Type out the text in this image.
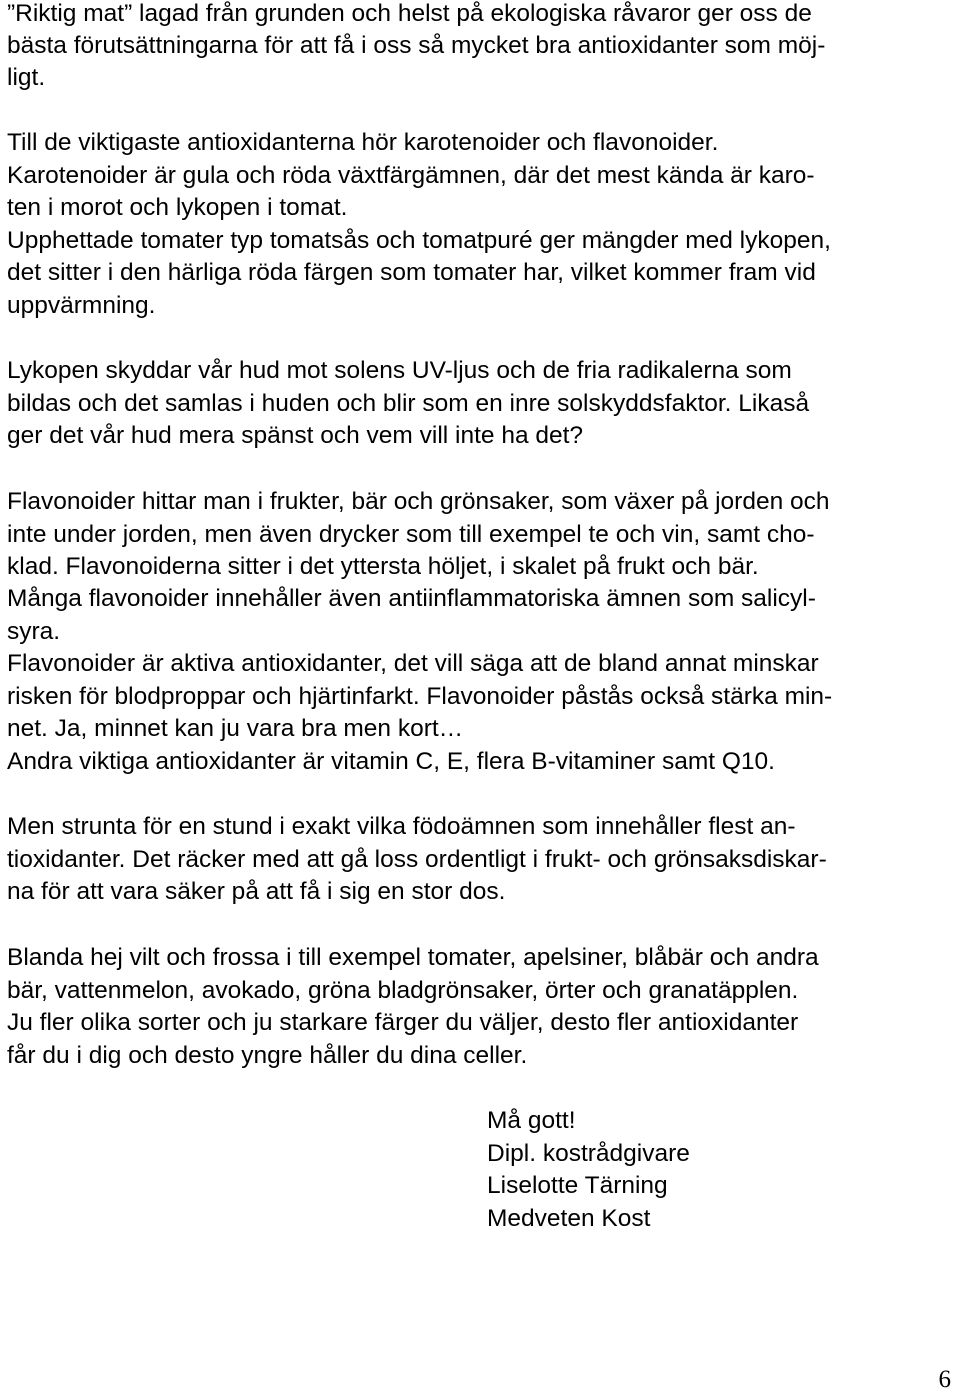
”Riktig mat” lagad från grunden och helst på ekologiska råvaror ger oss de

bästa förutsättningarna för att få i oss så mycket bra antioxidanter som möj-

ligt.

Till de viktigaste antioxidanterna hör karotenoider och flavonoider.

Karotenoider är gula och röda växtfärgämnen, där det mest kända är karo-

ten i morot och lykopen i tomat.

Upphettade tomater typ tomatsås och tomatpuré ger mängder med lykopen,

det sitter i den härliga röda färgen som tomater har, vilket kommer fram vid

uppvärmning.

Lykopen skyddar vår hud mot solens UV-ljus och de fria radikalerna som

bildas och det samlas i huden och blir som en inre solskyddsfaktor. Likaså

ger det vår hud mera spänst och vem vill inte ha det?

Flavonoider hittar man i frukter, bär och grönsaker, som växer på jorden och

inte under jorden, men även drycker som till exempel te och vin, samt cho-

klad. Flavonoiderna sitter i det yttersta höljet, i skalet på frukt och bär.

Många flavonoider innehåller även antiinflammatoriska ämnen som salicyl-

syra.

Flavonoider är aktiva antioxidanter, det vill säga att de bland annat minskar

risken för blodproppar och hjärtinfarkt. Flavonoider påstås också stärka min-

net. Ja, minnet kan ju vara bra men kort…

Andra viktiga antioxidanter är vitamin C, E, flera B-vitaminer samt Q10.

Men strunta för en stund i exakt vilka födoämnen som innehåller flest an-

tioxidanter. Det räcker med att gå loss ordentligt i frukt- och grönsaksdiskar-

na för att vara säker på att få i sig en stor dos.

Blanda hej vilt och frossa i till exempel tomater, apelsiner, blåbär och andra

bär, vattenmelon, avokado, gröna bladgrönsaker, örter och granatäpplen.

Ju fler olika sorter och ju starkare färger du väljer, desto fler antioxidanter

får du i dig och desto yngre håller du dina celler.

Må gott!

Dipl. kostrådgivare

Liselotte Tärning

Medveten Kost

6
